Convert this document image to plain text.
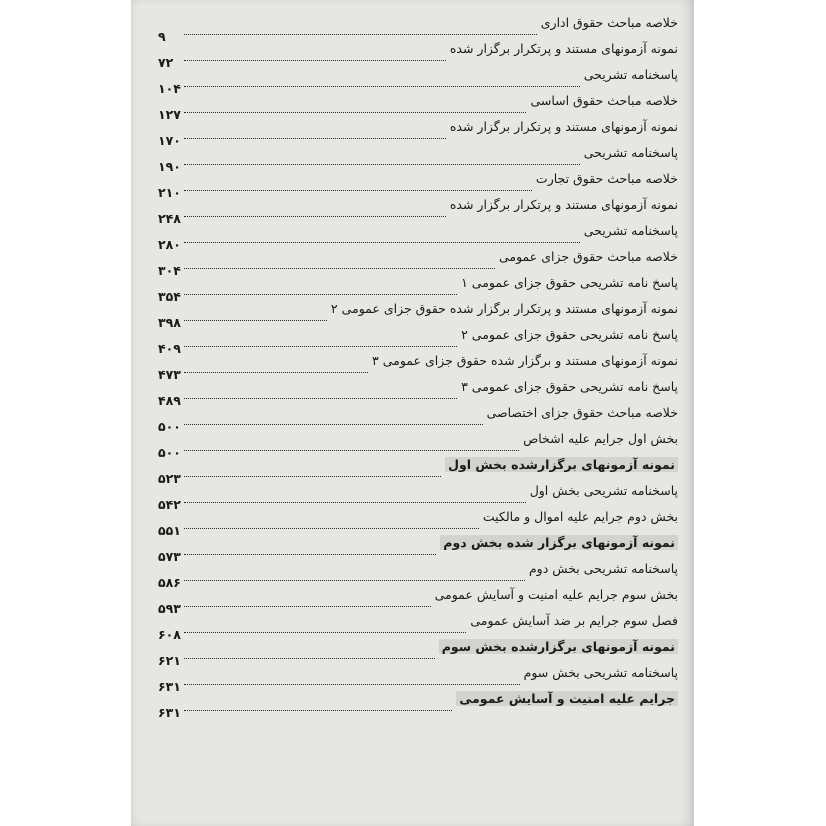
خلاصه مباحث حقوق اداری
۹
نمونه آزمونهای مستند و پرتکرار برگزار شده
۷۲
پاسخنامه تشریحی
۱۰۴
خلاصه مباحث حقوق اساسی
۱۲۷
نمونه آزمونهای مستند و پرتکرار برگزار شده
۱۷۰
پاسخنامه تشریحی
۱۹۰
خلاصه مباحث حقوق تجارت
۲۱۰
نمونه آزمونهای مستند و پرتکرار برگزار شده
۲۴۸
پاسخنامه تشریحی
۲۸۰
خلاصه مباحث حقوق جزای عمومی
۳۰۴
پاسخ نامه تشریحی حقوق جزای عمومی ۱
۳۵۴
نمونه آزمونهای مستند و پرتکرار برگزار شده حقوق جزای عمومی ۲
۳۹۸
پاسخ نامه تشریحی حقوق جزای عمومی ۲
۴۰۹
نمونه آزمونهای مستند و برگزار شده حقوق جزای عمومی ۳
۴۷۳
پاسخ نامه تشریحی حقوق جزای عمومی ۳
۴۸۹
خلاصه مباحث حقوق جزای اختصاصی
۵۰۰
بخش اول جرایم علیه اشخاص
۵۰۰
نمونه آزمونهای برگزارشده بخش اول
۵۲۳
پاسخنامه تشریحی بخش اول
۵۴۲
بخش دوم جرایم علیه اموال و مالکیت
۵۵۱
نمونه آزمونهای برگزار شده بخش دوم
۵۷۳
پاسخنامه تشریحی بخش دوم
۵۸۶
بخش سوم جرایم علیه امنیت و آسایش عمومی
۵۹۳
فصل سوم جرایم بر ضد آسایش عمومی
۶۰۸
نمونه آزمونهای برگزارشده بخش سوم
۶۲۱
پاسخنامه تشریحی بخش سوم
۶۳۱
جرایم علیه امنیت و آسایش عمومی
۶۳۱
